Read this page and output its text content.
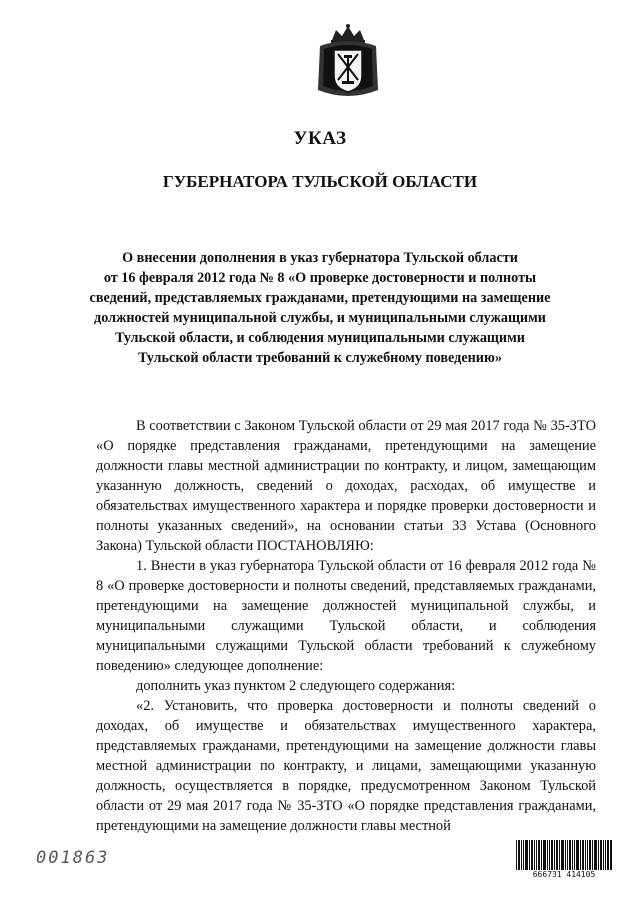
УКАЗ
ГУБЕРНАТОРА ТУЛЬСКОЙ ОБЛАСТИ
О внесении дополнения в указ губернатора Тульской области
от 16 февраля 2012 года № 8 «О проверке достоверности и полноты
сведений, представляемых гражданами, претендующими на замещение
должностей муниципальной службы, и муниципальными служащими
Тульской области, и соблюдения муниципальными служащими
Тульской области требований к служебному поведению»

В соответствии с Законом Тульской области от 29 мая 2017 года № 35-ЗТО «О порядке представления гражданами, претендующими на замещение должности главы местной администрации по контракту, и лицом, замещающим указанную должность, сведений о доходах, расходах, об имуществе и обязательствах имущественного характера и порядке проверки достоверности и полноты указанных сведений», на основании статьи 33 Устава (Основного Закона) Тульской области ПОСТАНОВЛЯЮ:

1. Внести в указ губернатора Тульской области от 16 февраля 2012 года № 8 «О проверке достоверности и полноты сведений, представляемых гражданами, претендующими на замещение должностей муниципальной службы, и муниципальными служащими Тульской области, и соблюдения муниципальными служащими Тульской области требований к служебному поведению» следующее дополнение:

дополнить указ пунктом 2 следующего содержания:

«2. Установить, что проверка достоверности и полноты сведений о доходах, об имуществе и обязательствах имущественного характера, представляемых гражданами, претендующими на замещение должности главы местной администрации по контракту, и лицами, замещающими указанную должность, осуществляется в порядке, предусмотренном Законом Тульской области от 29 мая 2017 года № 35-ЗТО «О порядке представления гражданами, претендующими на замещение должности главы местной

001863
666731 414105
